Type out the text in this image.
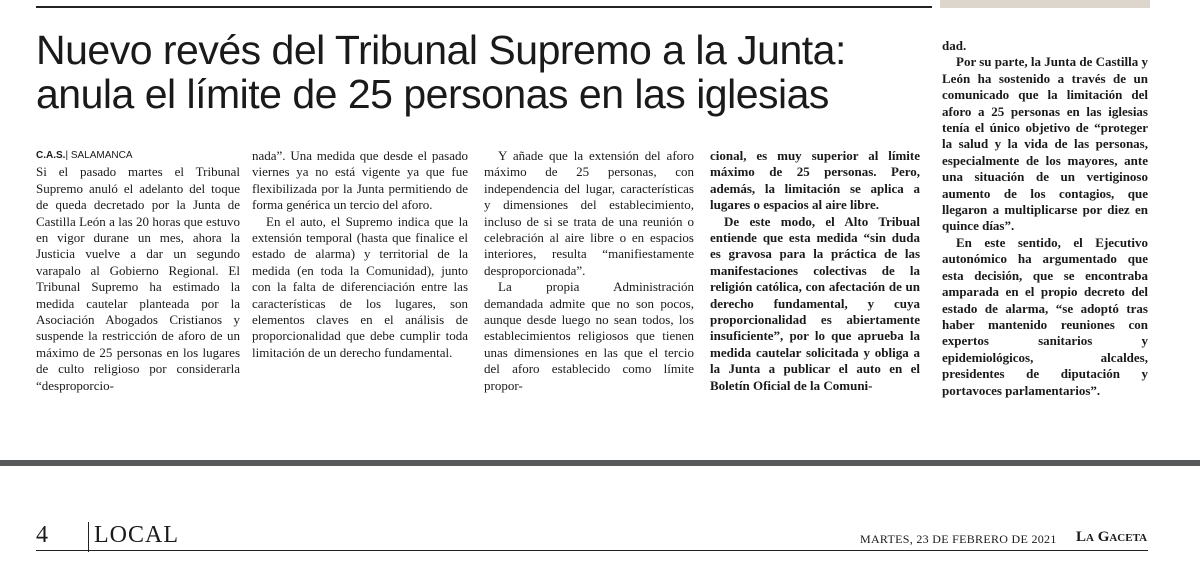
Nuevo revés del Tribunal Supremo a la Junta: anula el límite de 25 personas en las iglesias
C.A.S.| SALAMANCA

Si el pasado martes el Tribunal Supremo anuló el adelanto del toque de queda decretado por la Junta de Castilla León a las 20 horas que estuvo en vigor durane un mes, ahora la Justicia vuelve a dar un segundo varapalo al Gobierno Regional. El Tribunal Supremo ha estimado la medida cautelar planteada por la Asociación Abogados Cristianos y suspende la restricción de aforo de un máximo de 25 personas en los lugares de culto religioso por considerarla “desproporcio-

nada”. Una medida que desde el pasado viernes ya no está vigente ya que fue flexibilizada por la Junta permitiendo de forma genérica un tercio del aforo.

En el auto, el Supremo indica que la extensión temporal (hasta que finalice el estado de alarma) y territorial de la medida (en toda la Comunidad), junto con la falta de diferenciación entre las características de los lugares, son elementos claves en el análisis de proporcionalidad que debe cumplir toda limitación de un derecho fundamental.

Y añade que la extensión del aforo máximo de 25 personas, con independencia del lugar, características y dimensiones del establecimiento, incluso de si se trata de una reunión o celebración al aire libre o en espacios interiores, resulta “manifiestamente desproporcionada”.

La propia Administración demandada admite que no son pocos, aunque desde luego no sean todos, los establecimientos religiosos que tienen unas dimensiones en las que el tercio del aforo establecido como límite propor-

cional, es muy superior al límite máximo de 25 personas. Pero, además, la limitación se aplica a lugares o espacios al aire libre.

De este modo, el Alto Tribual entiende que esta medida “sin duda es gravosa para la práctica de las manifestaciones colectivas de la religión católica, con afectación de un derecho fundamental, y cuya proporcionalidad es abiertamente insuficiente”, por lo que aprueba la medida cautelar solicitada y obliga a la Junta a publicar el auto en el Boletín Oficial de la Comuni-

dad.

Por su parte, la Junta de Castilla y León ha sostenido a través de un comunicado que la limitación del aforo a 25 personas en las iglesias tenía el único objetivo de “proteger la salud y la vida de las personas, especialmente de los mayores, ante una situación de un vertiginoso aumento de los contagios, que llegaron a multiplicarse por diez en quince días”.

En este sentido, el Ejecutivo autonómico ha argumentado que esta decisión, que se encontraba amparada en el propio decreto del estado de alarma, “se adoptó tras haber mantenido reuniones con expertos sanitarios y epidemiológicos, alcaldes, presidentes de diputación y portavoces parlamentarios”.

4 LOCAL	MARTES, 23 DE FEBRERO DE 2021 La Gaceta
